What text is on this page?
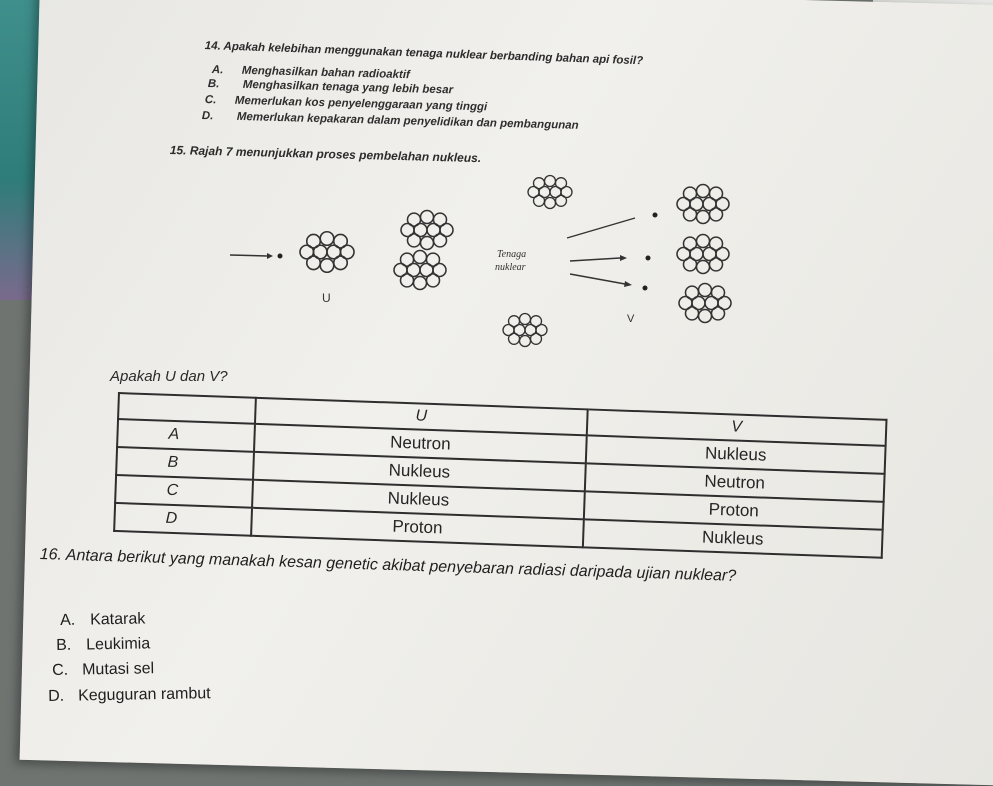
14. Apakah kelebihan menggunakan tenaga nuklear berbanding bahan api fosil?
A. Menghasilkan bahan radioaktif
B. Menghasilkan tenaga yang lebih besar
C. Memerlukan kos penyelenggaraan yang tinggi
D. Memerlukan kepakaran dalam penyelidikan dan pembangunan
15. Rajah 7 menunjukkan proses pembelahan nukleus.
U
Tenaga
nuklear
V
Apakah U dan V?
	U	V
A	Neutron	Nukleus
B	Nukleus	Neutron
C	Nukleus	Proton
D	Proton	Nukleus
16. Antara berikut yang manakah kesan genetic akibat penyebaran radiasi daripada ujian nuklear?
A. Katarak
B. Leukimia
C. Mutasi sel
D. Keguguran rambut
